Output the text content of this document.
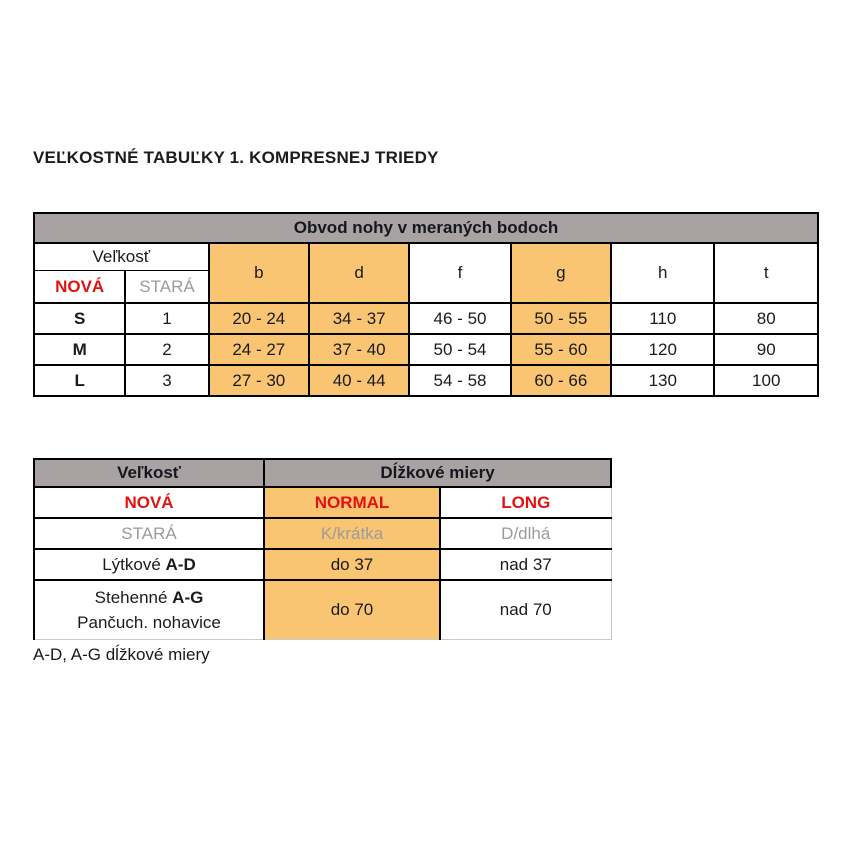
VEĽKOSTNÉ TABUĽKY 1. KOMPRESNEJ TRIEDY
Obvod nohy v meraných bodoch							
Veľkosť		b	d	f	g	h	t
NOVÁ	STARÁ						
S	1	20 - 24	34 - 37	46 - 50	50 - 55	110	80
M	2	24 - 27	37 - 40	50 - 54	55 - 60	120	90
L	3	27 - 30	40 - 44	54 - 58	60 - 66	130	100
Veľkosť	Dĺžkové miery	
NOVÁ	NORMAL	LONG
STARÁ	K/krátka	D/dlhá
Lýtkové A-D	do 37	nad 37

Stehenné A-G
Pančuch. nohavice	do 70	nad 70
A-D, A-G dĺžkové miery
